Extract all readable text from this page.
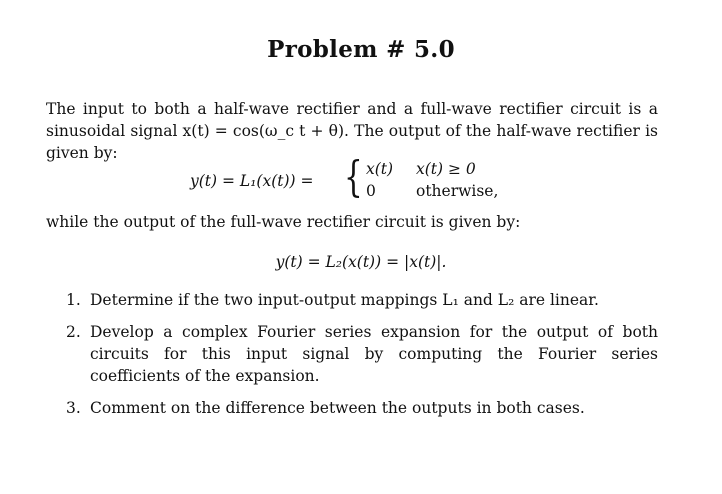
Problem # 5.0
The input to both a half-wave rectifier and a full-wave rectifier circuit is a sinusoidal signal x(t) = cos(ω_c t + θ). The output of the half-wave rectifier is given by:
y(t) = L₁(x(t)) = { x(t) x(t) ≥ 0
0	otherwise,
while the output of the full-wave rectifier circuit is given by:
y(t) = L₂(x(t)) = |x(t)|.
1. Determine if the two input-output mappings L₁ and L₂ are linear.
2. Develop a complex Fourier series expansion for the output of both circuits for this input signal by computing the Fourier series coefficients of the expansion.
3. Comment on the difference between the outputs in both cases.
